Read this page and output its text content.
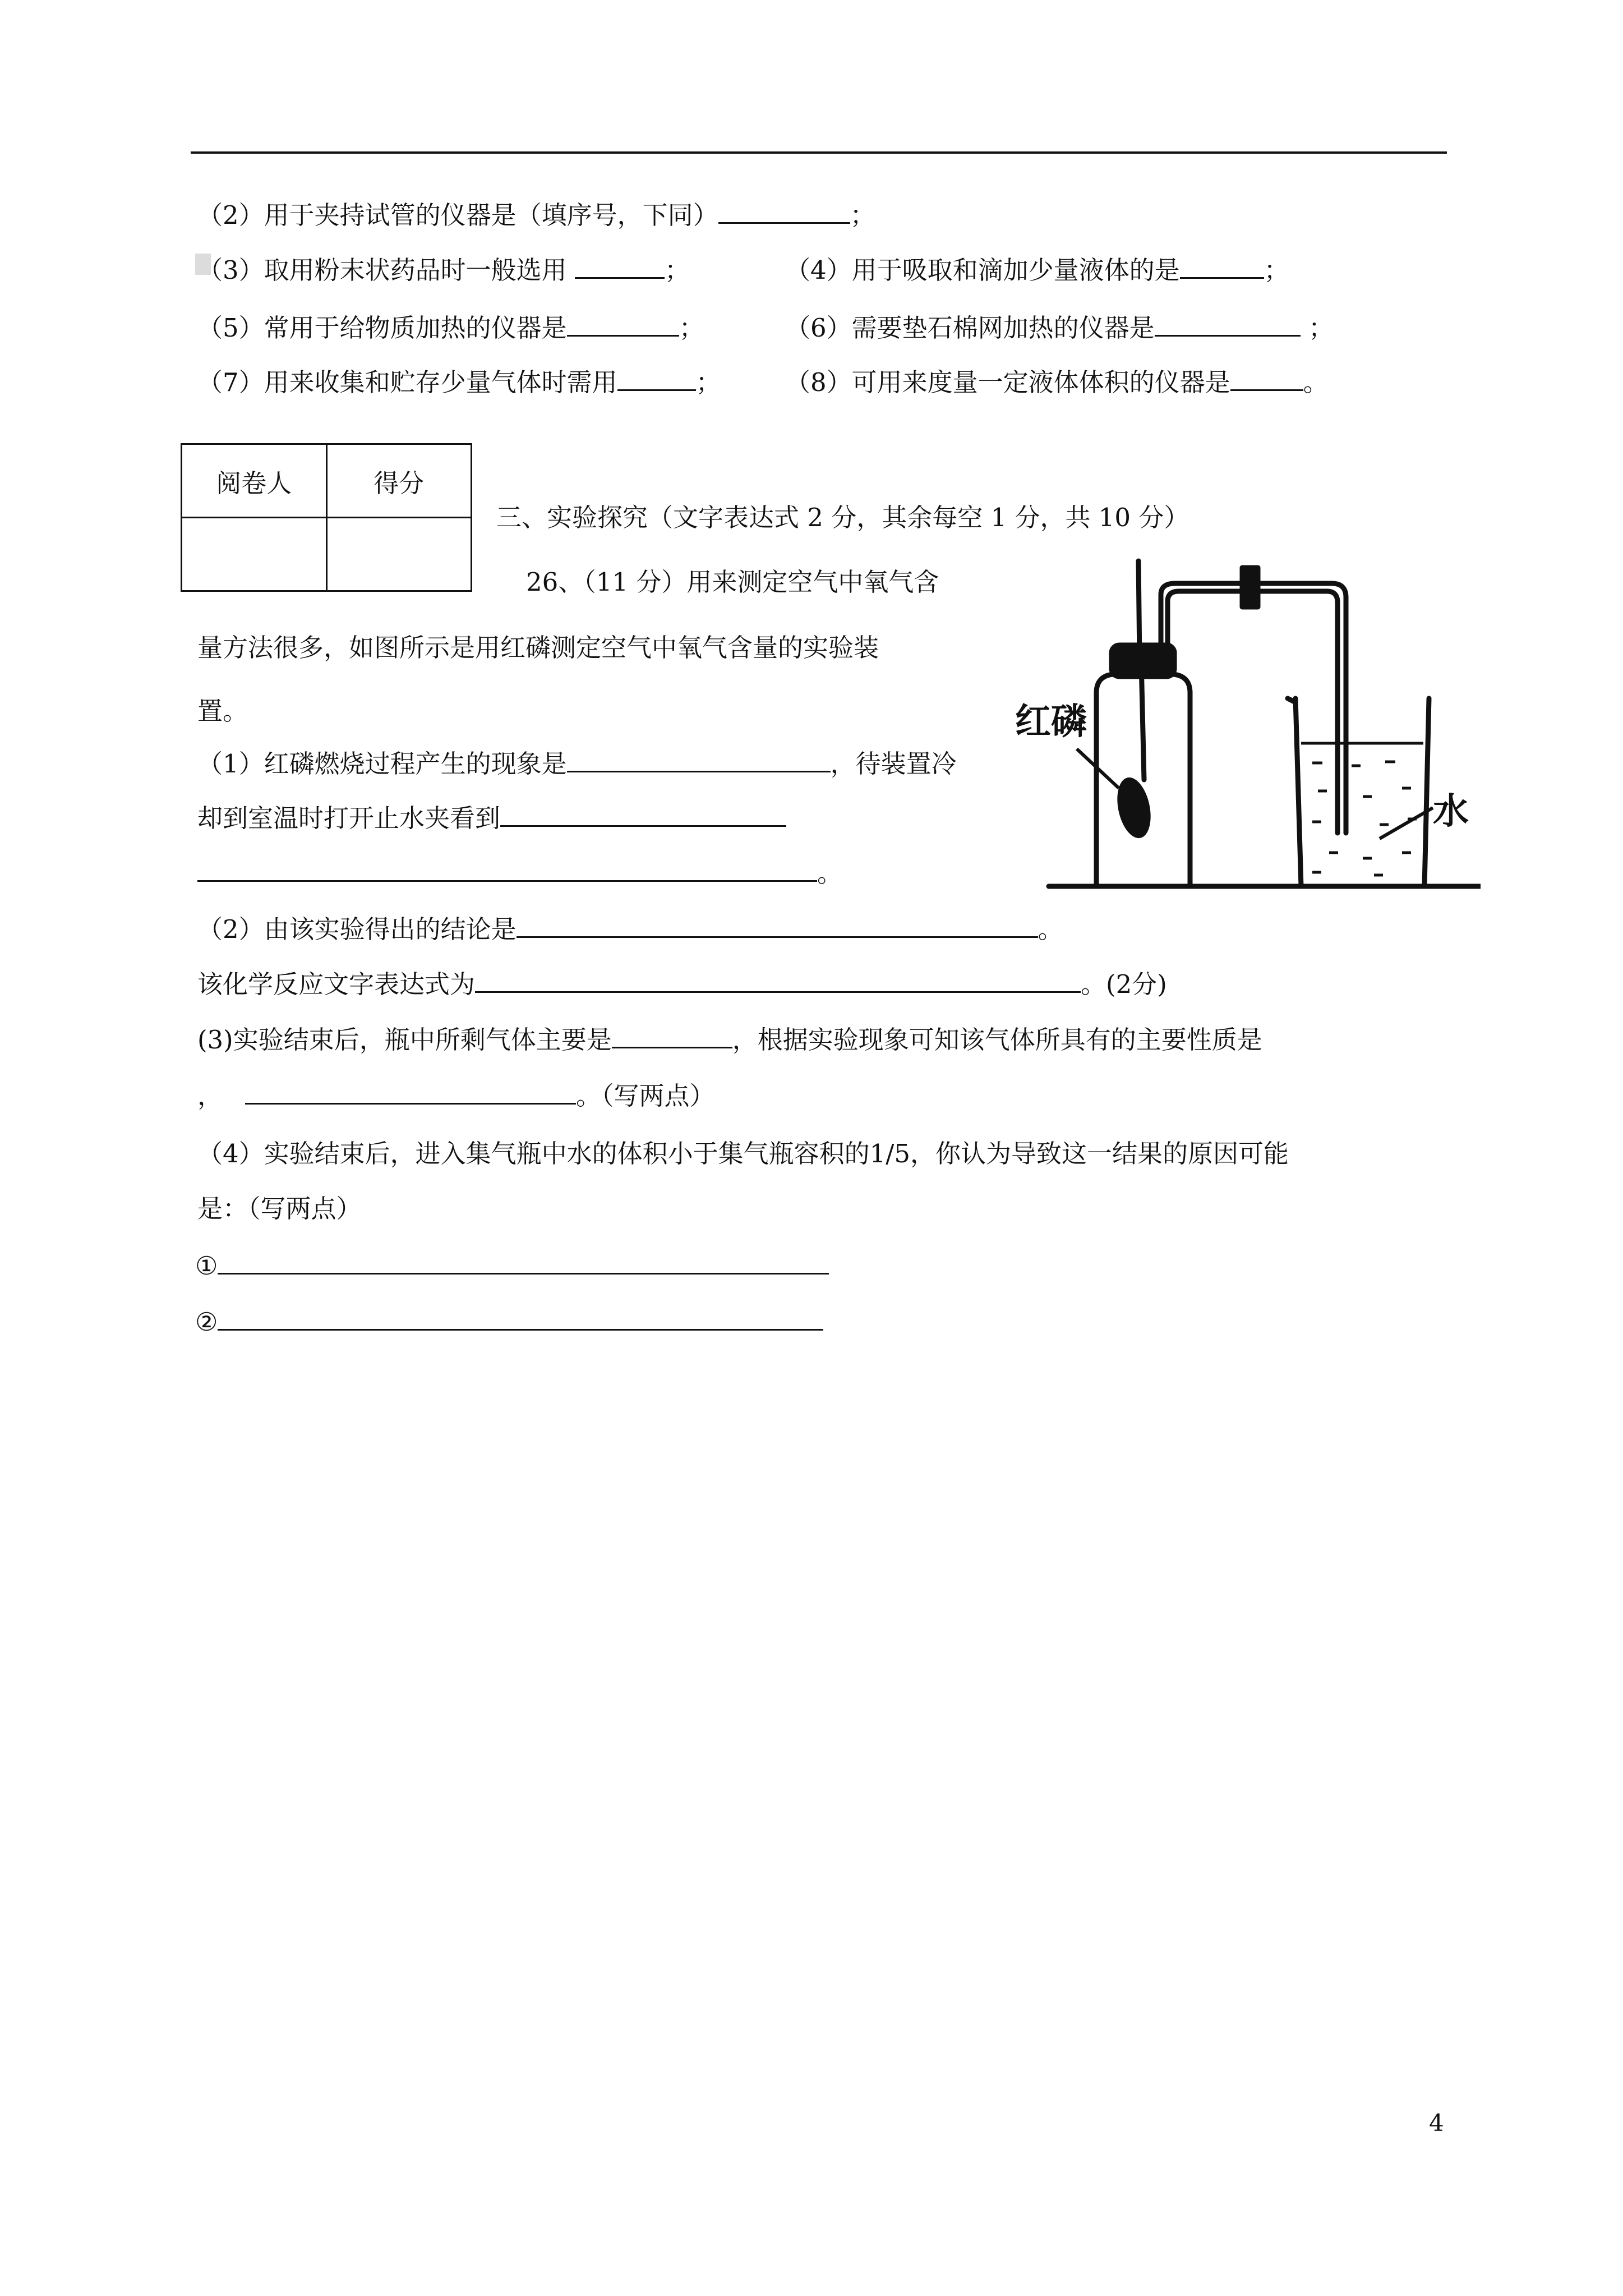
（2）用于夹持试管的仪器是（填序号，下同）	；
（3）取用粉末状药品时一般选用	；	（4）用于吸取和滴加少量液体的是	；
（5）常用于给物质加热的仪器是	；	（6）需要垫石棉网加热的仪器是	；
（7）用来收集和贮存少量气体时需用	；	（8）可用来度量一定液体体积的仪器是	。
阅卷人	得分

三、实验探究（文字表达式 2 分，其余每空 1 分，共 10 分）
26、（11 分）用来测定空气中氧气含
量方法很多，如图所示是用红磷测定空气中氧气含量的实验装
置。
（1）红磷燃烧过程产生的现象是	，待装置冷
却到室温时打开止水夹看到
。
（2）由该实验得出的结论是	。
该化学反应文字表达式为	。(2分)
(3)实验结束后，瓶中所剩气体主要是	，根据实验现象可知该气体所具有的主要性质是
，	。（写两点）
（4）实验结束后，进入集气瓶中水的体积小于集气瓶容积的1/5，你认为导致这一结果的原因可能
是：（写两点）
①
②
红磷
水
4
